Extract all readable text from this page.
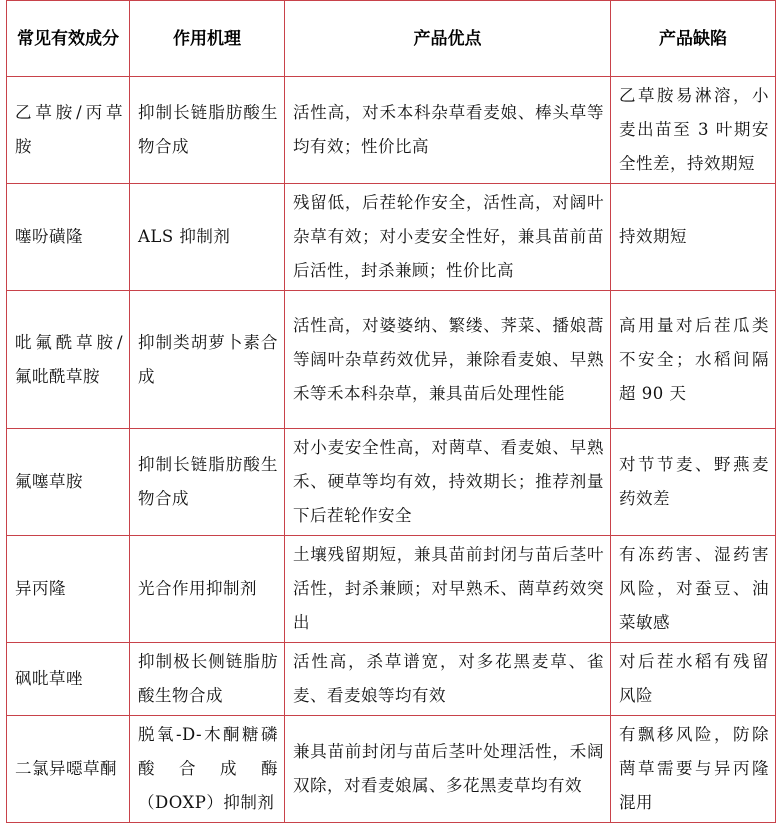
常见有效成分	作用机理	产品优点	产品缺陷
乙草胺/丙草胺	抑制长链脂肪酸生物合成	活性高，对禾本科杂草看麦娘、棒头草等均有效；性价比高	乙草胺易淋溶，小麦出苗至 3 叶期安全性差，持效期短
噻吩磺隆	ALS 抑制剂	残留低，后茬轮作安全，活性高，对阔叶杂草有效；对小麦安全性好，兼具苗前苗后活性，封杀兼顾；性价比高	持效期短
吡氟酰草胺/氟吡酰草胺	抑制类胡萝卜素合成	活性高，对婆婆纳、繁缕、荠菜、播娘蒿等阔叶杂草药效优异，兼除看麦娘、早熟禾等禾本科杂草，兼具苗后处理性能	高用量对后茬瓜类不安全；水稻间隔超 90 天
氟噻草胺	抑制长链脂肪酸生物合成	对小麦安全性高，对菵草、看麦娘、早熟禾、硬草等均有效，持效期长；推荐剂量下后茬轮作安全	对节节麦、野燕麦药效差
异丙隆	光合作用抑制剂	土壤残留期短，兼具苗前封闭与苗后茎叶活性，封杀兼顾；对早熟禾、菵草药效突出	有冻药害、湿药害风险，对蚕豆、油菜敏感
砜吡草唑	抑制极长侧链脂肪酸生物合成	活性高，杀草谱宽，对多花黑麦草、雀麦、看麦娘等均有效	对后茬水稻有残留风险
二氯异噁草酮	脱氧-D-木酮糖磷酸合成酶（DOXP）抑制剂	兼具苗前封闭与苗后茎叶处理活性，禾阔双除，对看麦娘属、多花黑麦草均有效	有飘移风险，防除菵草需要与异丙隆混用
